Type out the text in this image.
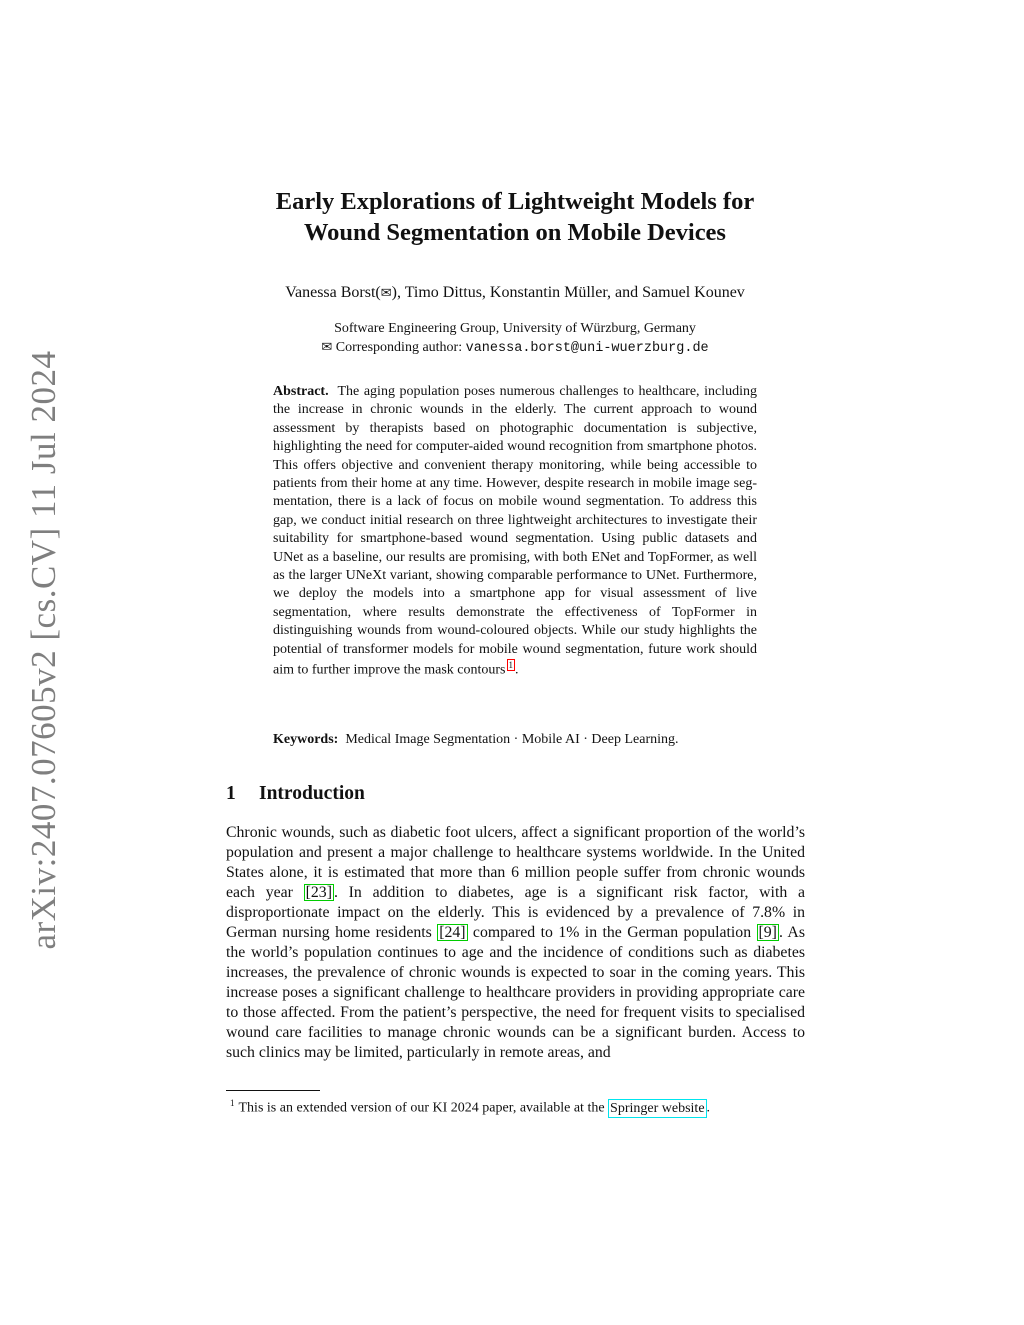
arXiv:2407.07605v2 [cs.CV] 11 Jul 2024
Early Explorations of Lightweight Models for
Wound Segmentation on Mobile Devices
Vanessa Borst(✉), Timo Dittus, Konstantin Müller, and Samuel Kounev
Software Engineering Group, University of Würzburg, Germany
✉ Corresponding author: vanessa.borst@uni-wuerzburg.de
Abstract. The aging population poses numerous challenges to healthcare, including the increase in chronic wounds in the elderly. The current approach to wound assessment by therapists based on photographic documentation is subjective, highlighting the need for computer-aided wound recognition from smartphone photos. This offers objective and convenient therapy monitoring, while being accessible to patients from their home at any time. However, despite research in mobile image segmentation, there is a lack of focus on mobile wound segmentation. To address this gap, we conduct initial research on three lightweight architectures to investigate their suitability for smartphone-based wound segmentation. Using public datasets and UNet as a baseline, our results are promising, with both ENet and TopFormer, as well as the larger UNeXt variant, showing comparable performance to UNet. Furthermore, we deploy the models into a smartphone app for visual assessment of live segmentation, where results demonstrate the effectiveness of TopFormer in distinguishing wounds from wound-coloured objects. While our study highlights the potential of transformer models for mobile wound segmentation, future work should aim to further improve the mask contours 1 .
Keywords: Medical Image Segmentation · Mobile AI · Deep Learning.
1 Introduction
Chronic wounds, such as diabetic foot ulcers, affect a significant proportion of the world’s population and present a major challenge to healthcare systems worldwide. In the United States alone, it is estimated that more than 6 million people suffer from chronic wounds each year [23] . In addition to diabetes, age is a significant risk factor, with a disproportionate impact on the elderly. This is evidenced by a prevalence of 7.8% in German nursing home residents [24] compared to 1% in the German population [9] . As the world’s population continues to age and the incidence of conditions such as diabetes increases, the prevalence of chronic wounds is expected to soar in the coming years. This increase poses a significant challenge to healthcare providers in providing appropriate care to those affected. From the patient’s perspective, the need for frequent visits to specialised wound care facilities to manage chronic wounds can be a significant burden. Access to such clinics may be limited, particularly in remote areas, and
$^1$ This is an extended version of our KI 2024 paper, available at the Springer website .
